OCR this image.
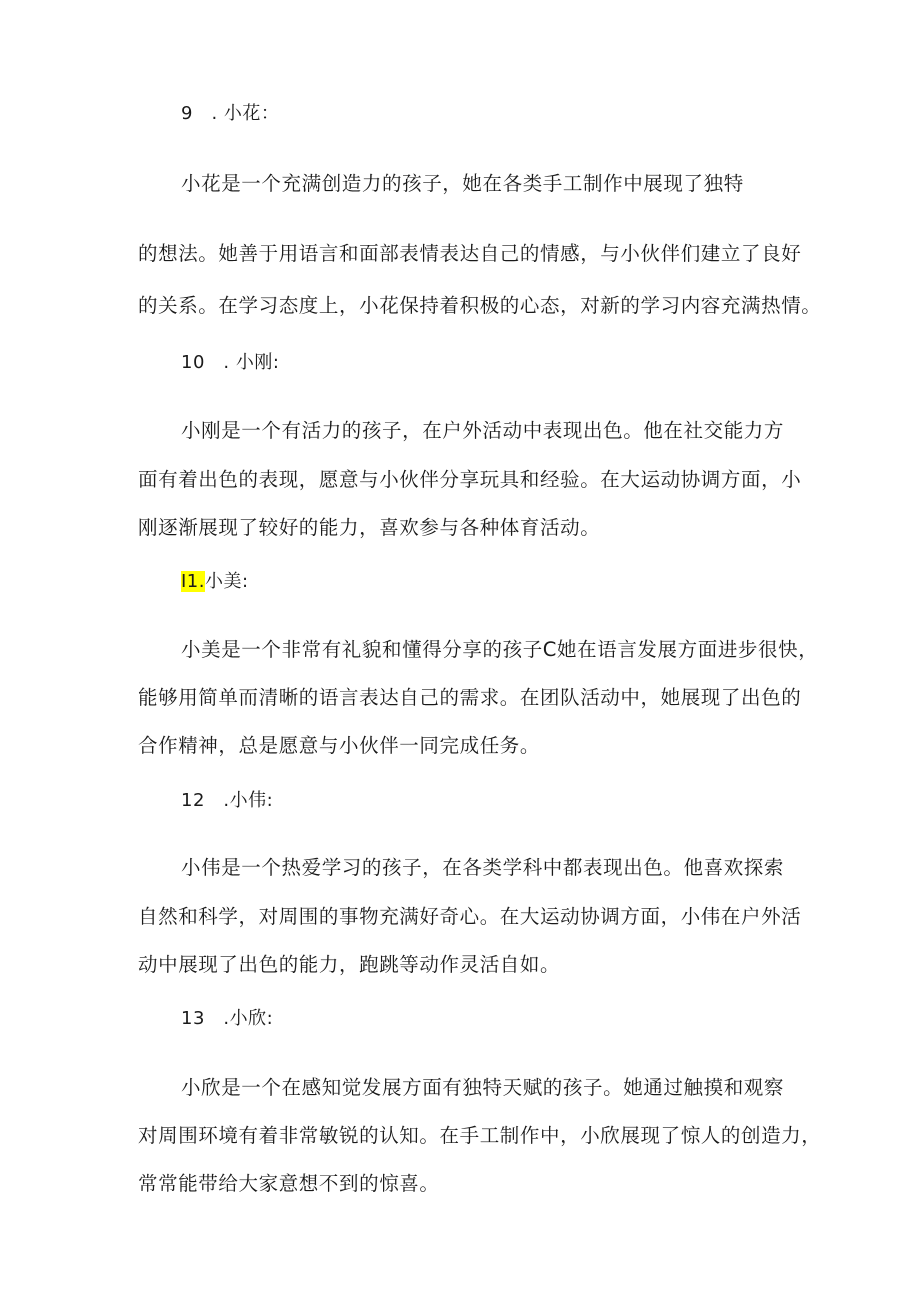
9　. 小花：
小花是一个充满创造力的孩子，她在各类手工制作中展现了独特
的想法。她善于用语言和面部表情表达自己的情感，与小伙伴们建立了良好
的关系。在学习态度上，小花保持着积极的心态，对新的学习内容充满热情。
10　. 小刚:
小刚是一个有活力的孩子，在户外活动中表现出色。他在社交能力方
面有着出色的表现，愿意与小伙伴分享玩具和经验。在大运动协调方面，小
刚逐渐展现了较好的能力，喜欢参与各种体育活动。
I1.小美:
小美是一个非常有礼貌和懂得分享的孩子C她在语言发展方面进步很快，
能够用简单而清晰的语言表达自己的需求。在团队活动中，她展现了出色的
合作精神，总是愿意与小伙伴一同完成任务。
12　.小伟:
小伟是一个热爱学习的孩子，在各类学科中都表现出色。他喜欢探索
自然和科学，对周围的事物充满好奇心。在大运动协调方面，小伟在户外活
动中展现了出色的能力，跑跳等动作灵活自如。
13　.小欣:
小欣是一个在感知觉发展方面有独特天赋的孩子。她通过触摸和观察
对周围环境有着非常敏锐的认知。在手工制作中，小欣展现了惊人的创造力，
常常能带给大家意想不到的惊喜。
